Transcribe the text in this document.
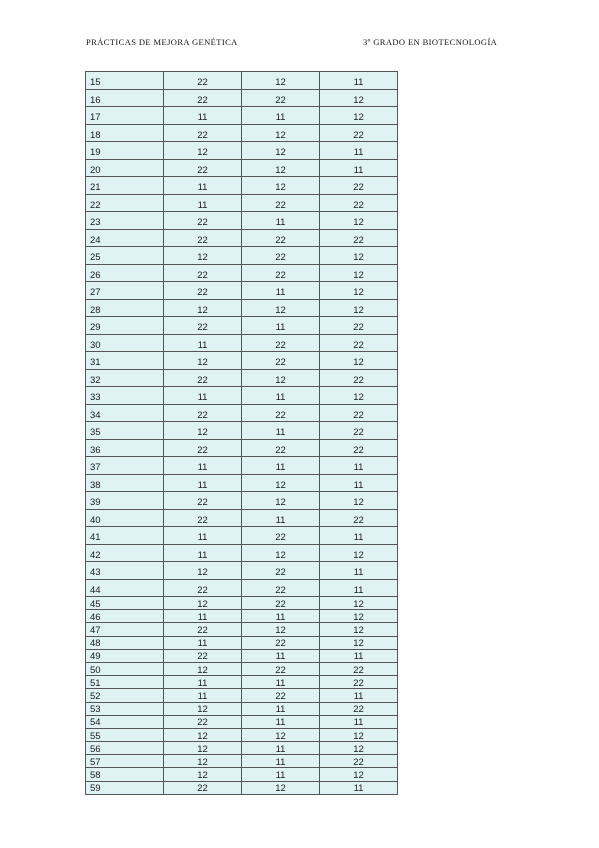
PRÁCTICAS DE MEJORA GENÉTICA	3º GRADO EN BIOTECNOLOGÍA
15	22	12	11
16	22	22	12
17	11	11	12
18	22	12	22
19	12	12	11
20	22	12	11
21	11	12	22
22	11	22	22
23	22	11	12
24	22	22	22
25	12	22	12
26	22	22	12
27	22	11	12
28	12	12	12
29	22	11	22
30	11	22	22
31	12	22	12
32	22	12	22
33	11	11	12
34	22	22	22
35	12	11	22
36	22	22	22
37	11	11	11
38	11	12	11
39	22	12	12
40	22	11	22
41	11	22	11
42	11	12	12
43	12	22	11
44	22	22	11
45	12	22	12
46	11	11	12
47	22	12	12
48	11	22	12
49	22	11	11
50	12	22	22
51	11	11	22
52	11	22	11
53	12	11	22
54	22	11	11
55	12	12	12
56	12	11	12
57	12	11	22
58	12	11	12
59	22	12	11
